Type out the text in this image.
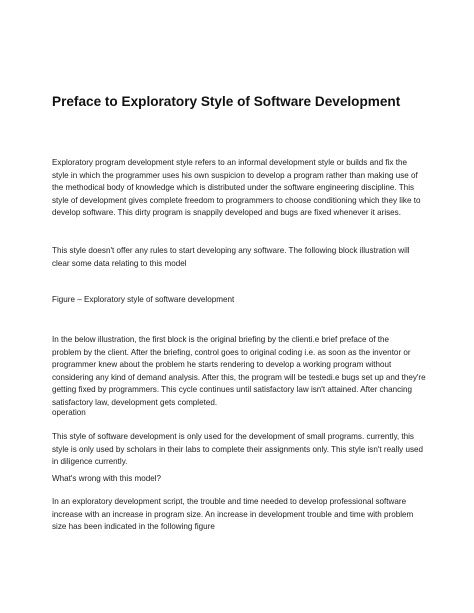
Preface to Exploratory Style of Software Development
Exploratory program development style refers to an informal development style or builds and fix the
style in which the programmer uses his own suspicion to develop a program rather than making use of
the methodical body of knowledge which is distributed under the software engineering discipline. This
style of development gives complete freedom to programmers to choose conditioning which they like to
develop software. This dirty program is snappily developed and bugs are fixed whenever it arises.
This style doesn't offer any rules to start developing any software. The following block illustration will
clear some data relating to this model
Figure – Exploratory style of software development
In the below illustration, the first block is the original briefing by the clienti.e brief preface of the
problem by the client. After the briefing, control goes to original coding i.e. as soon as the inventor or
programmer knew about the problem he starts rendering to develop a working program without
considering any kind of demand analysis. After this, the program will be testedi.e bugs set up and they're
getting fixed by programmers. This cycle continues until satisfactory law isn't attained. After chancing
satisfactory law, development gets completed.
operation
This style of software development is only used for the development of small programs. currently, this
style is only used by scholars in their labs to complete their assignments only. This style isn't really used
in diligence currently.
What's wrong with this model?
In an exploratory development script, the trouble and time needed to develop professional software
increase with an increase in program size. An increase in development trouble and time with problem
size has been indicated in the following figure
